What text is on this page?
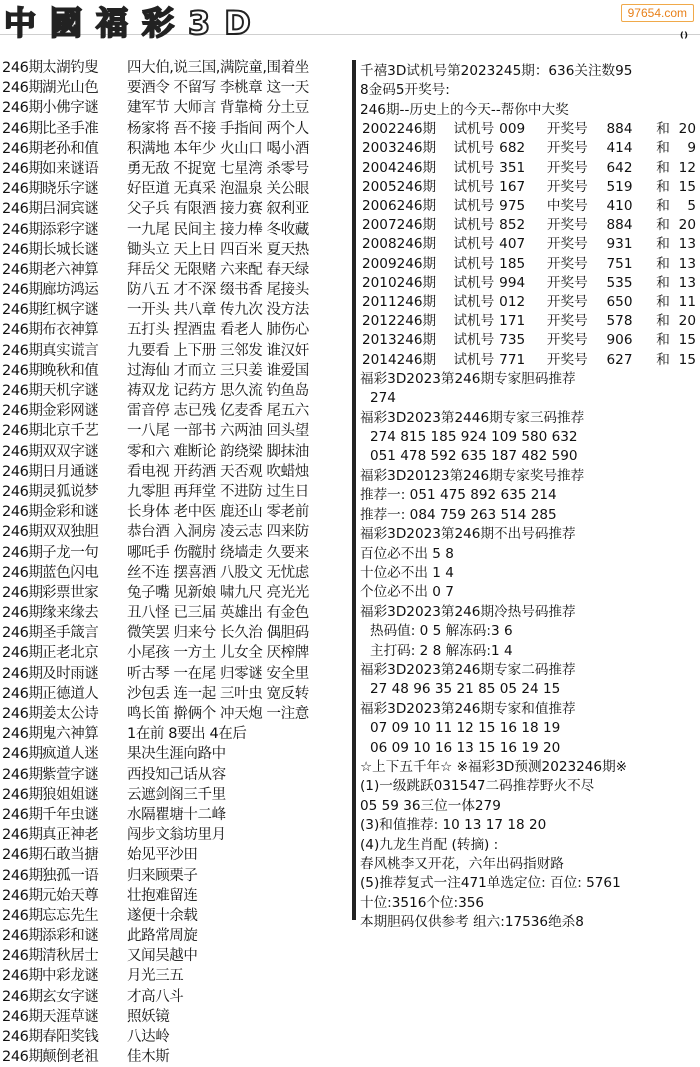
中國福彩3D	97654.com
⁽⁾
246期太湖钓叟 四大伯,说三国,满院童,围着坐
246期湖光山色 要酒令 不留写 李桃章 这一天
246期小佛字谜 建军节 大师言 背靠椅 分土豆
246期比圣手准 杨家将 吾不接 手指间 两个人
246期老孙和值 积满地 本年少 火山口 喝小酒
246期如来谜语 勇无敌 不捉宽 七星湾 杀零号
246期晓乐字谜 好臣道 无真采 泡温泉 关公眼
246期吕洞宾谜 父子兵 有限酒 接力赛 叙利亚
246期添彩字谜 一九尾 民间主 接力棒 冬收藏
246期长城长谜 锄头立 天上日 四百米 夏天热
246期老六神算 拜岳父 无限赌 六来配 春天绿
246期廊坊鸿运 防八五 才不深 缀书香 尾接头
246期红枫字谜 一开头 共八章 传九次 没方法
246期布衣神算 五打头 捏酒盅 看老人 肺伤心
246期真实谎言 九要看 上下册 三邻发 谁汉奸
246期晚秋和值 过海仙 才而立 三只姜 谁爱国
246期天机字谜 祷双龙 记药方 思久流 钓鱼岛
246期金彩网谜 雷音停 志已残 亿麦香 尾五六
246期北京千艺 一八尾 一部书 六两油 回头望
246期双双字谜 零和六 难断论 韵绕梁 脚抹油
246期日月通谜 看电视 开药酒 天否观 吹蜡烛
246期灵狐说梦 九零胆 再拜堂 不进防 过生日
246期金彩和谜 长身体 老中医 鹿还山 零老前
246期双双独胆 恭台酒 入洞房 凌云志 四来防
246期子龙一句 哪吒手 伤髋肘 绕墙走 久要来
246期蓝色闪电 丝不连 摆喜酒 八股文 无忧虑
246期彩票世家 兔子嘴 见新娘 啸九尺 亮光光
246期缘来缘去 丑八怪 已三届 英雄出 有金色
246期圣手箴言 微笑罢 归来兮 长久治 偶胆码
246期正老北京 小尾孩 一方土 儿女全 厌榨牌
246期及时雨谜 听古琴 一在尾 归零谜 安全里
246期正德道人 沙包丢 连一起 三叶虫 宽反转
246期姜太公诗 鸣长笛 擀俩个 冲天炮 一注意
246期鬼六神算 1在前 8要出 4在后
246期疯道人迷 果决生涯向路中
246期紫萱字谜 西投知己话从容
246期狼姐姐谜 云遮剑阁三千里
246期千年虫谜 水隔瞿塘十二峰
246期真正神老 闯步文翁坊里月
246期石敢当搪 始见平沙田
246期独孤一语 归来顾栗子
246期元始天尊 壮抱难留连
246期忘忘先生 遂便十余载
246期添彩和谜 此路常周旋
246期清秋居士 又闻吴越中
246期中彩龙谜 月光三五
246期玄女字谜 才高八斗
246期天涯草谜 照妖镜
246期春阳奖钱 八达岭
246期颠倒老祖 佳木斯
千禧3D试机号第2023245期：636关注数95
8金码5开奖号:
246期--历史上的今天--帮你中大奖
2002246期	试机号 009	开奖号	884	和 20
2003246期	试机号 682	开奖号	414	和	9
2004246期	试机号 351	开奖号	642	和 12
2005246期	试机号 167	开奖号	519	和 15
2006246期	试机号 975	中奖号	410	和	5
2007246期	试机号 852	开奖号	884	和 20
2008246期	试机号 407	开奖号	931	和 13
2009246期	试机号 185	开奖号	751	和 13
2010246期	试机号 994	开奖号	535	和 13
2011246期	试机号 012	开奖号	650	和 11
2012246期	试机号 171	开奖号	578	和 20
2013246期	试机号 735	开奖号	906	和 15
2014246期	试机号 771	开奖号	627	和 15
福彩3D2023第246期专家胆码推荐
274
福彩3D2023第2446期专家三码推荐
274 815 185 924 109 580 632
051 478 592 635 187 482 590
福彩3D20123第246期专家奖号推荐
推荐一: 051 475 892 635 214
推荐一: 084 759 263 514 285
福彩3D2023第246期不出号码推荐
百位必不出 5 8
十位必不出 1 4
个位必不出 0 7
福彩3D2023第246期冷热号码推荐
热码值: 0 5 解冻码:3 6
主打码: 2 8 解冻码:1 4
福彩3D2023第246期专家二码推荐
27 48 96 35 21 85 05 24 15
福彩3D2023第246期专家和值推荐
07 09 10 11 12 15 16 18 19
06 09 10 16 13 15 16 19 20
☆上下五千年☆ ※福彩3D预测2023246期※
(1)一级跳跃031547二码推荐野火不尽
05 59 36三位一体279
(3)和值推荐: 10 13 17 18 20
(4)九龙生肖配 (转摘) :
春风桃李又开花，六年出码指财路
(5)推荐复式一注471单选定位: 百位: 5761
十位:3516个位:356
本期胆码仅供参考 组六:17536绝杀8
